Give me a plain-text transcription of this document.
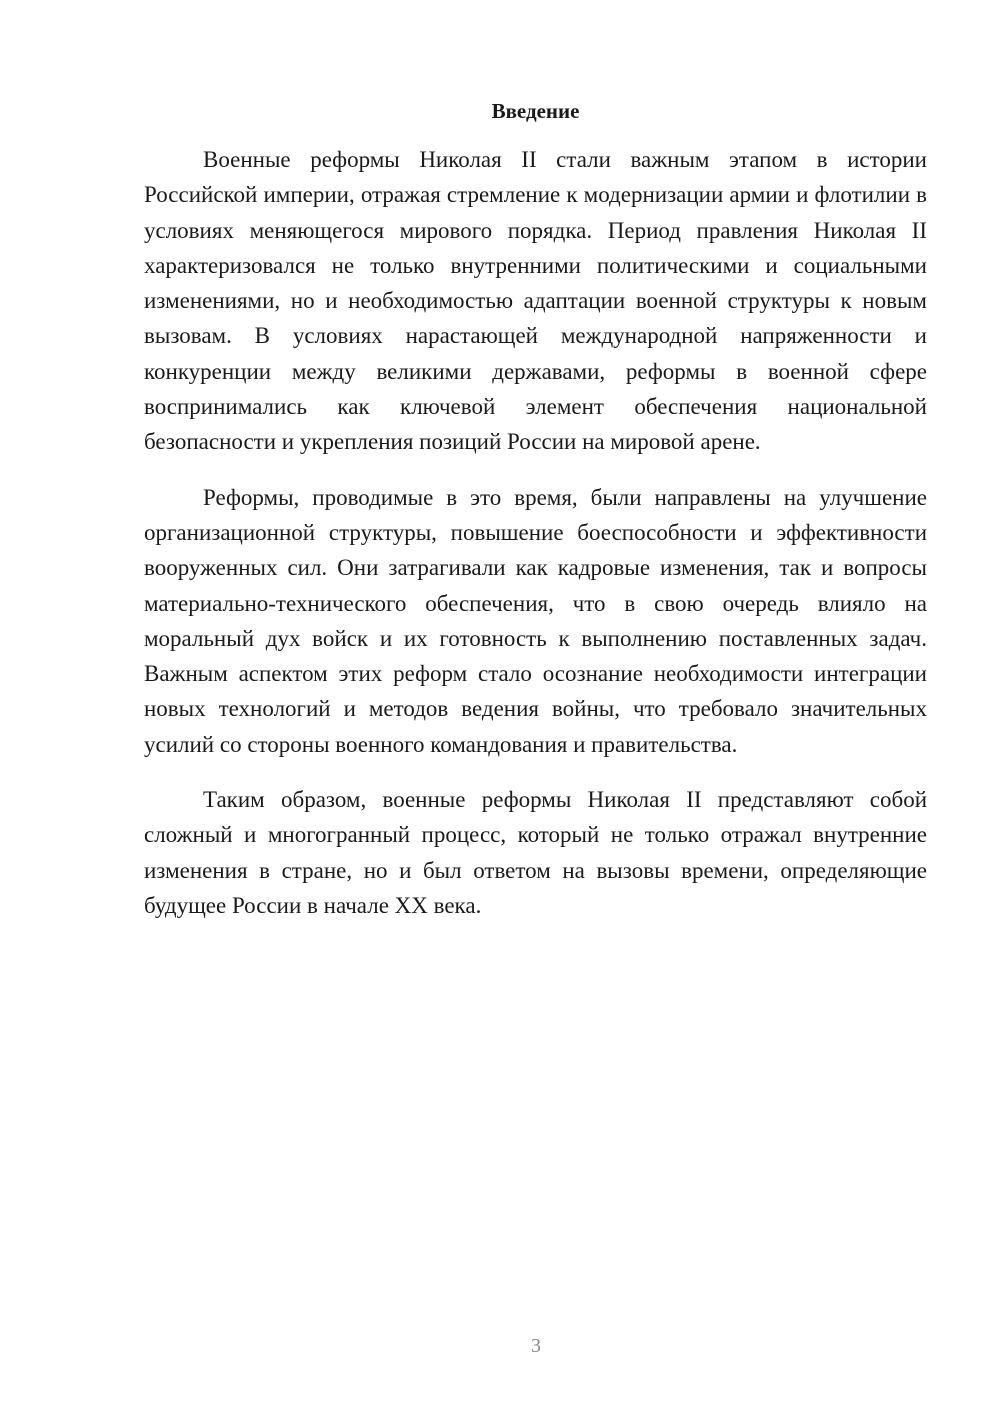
Введение

Военные реформы Николая II стали важным этапом в истории Российской империи, отражая стремление к модернизации армии и флотилии в условиях меняющегося мирового порядка. Период правления Николая II характеризовался не только внутренними политическими и социальными изменениями, но и необходимостью адаптации военной структуры к новым вызовам. В условиях нарастающей международной напряженности и конкуренции между великими державами, реформы в военной сфере воспринимались как ключевой элемент обеспечения национальной безопасности и укрепления позиций России на мировой арене.

Реформы, проводимые в это время, были направлены на улучшение организационной структуры, повышение боеспособности и эффективности вооруженных сил. Они затрагивали как кадровые изменения, так и вопросы материально-технического обеспечения, что в свою очередь влияло на моральный дух войск и их готовность к выполнению поставленных задач. Важным аспектом этих реформ стало осознание необходимости интеграции новых технологий и методов ведения войны, что требовало значительных усилий со стороны военного командования и правительства.

Таким образом, военные реформы Николая II представляют собой сложный и многогранный процесс, который не только отражал внутренние изменения в стране, но и был ответом на вызовы времени, определяющие будущее России в начале XX века.

3
